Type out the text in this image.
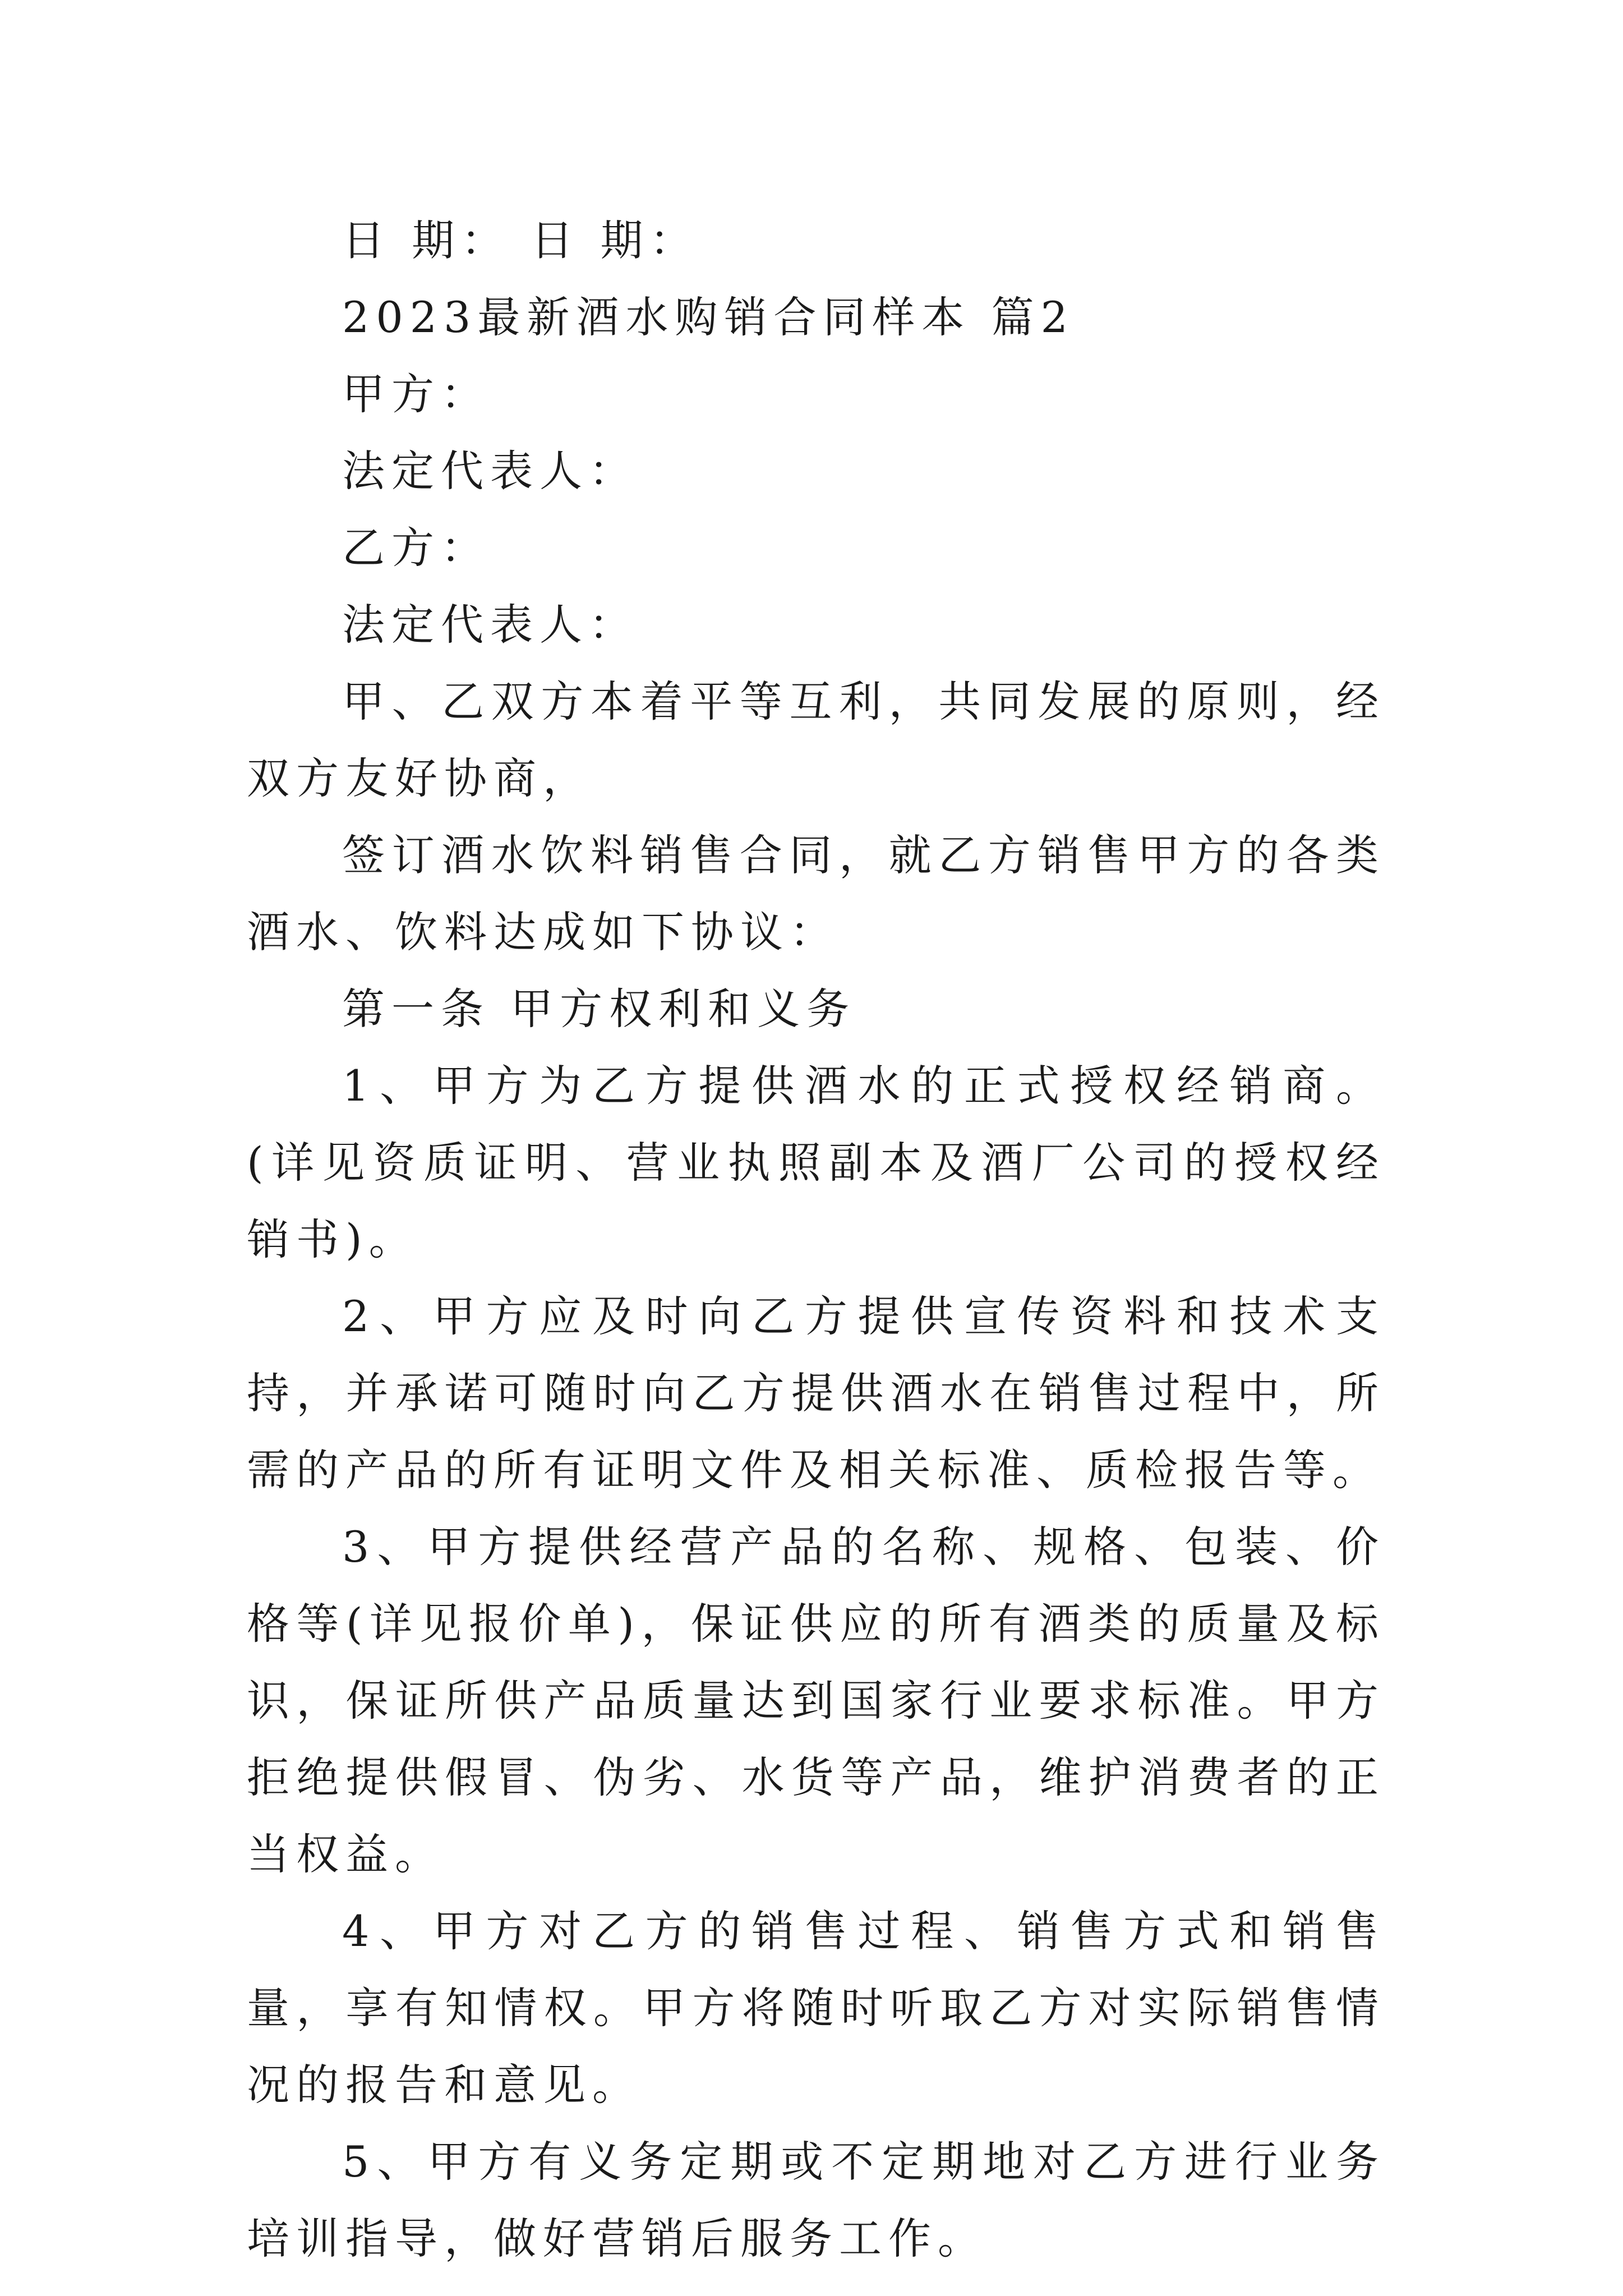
日 期： 日 期：

2023最新酒水购销合同样本 篇2

甲方：

法定代表人：

乙方：

法定代表人：

甲、乙双方本着平等互利，共同发展的原则，经双方友好协商，

签订酒水饮料销售合同，就乙方销售甲方的各类酒水、饮料达成如下协议：

第一条 甲方权利和义务

1、甲方为乙方提供酒水的正式授权经销商。(详见资质证明、营业执照副本及酒厂公司的授权经销书)。

2、甲方应及时向乙方提供宣传资料和技术支持，并承诺可随时向乙方提供酒水在销售过程中，所需的产品的所有证明文件及相关标准、质检报告等。

3、甲方提供经营产品的名称、规格、包装、价格等(详见报价单)，保证供应的所有酒类的质量及标识，保证所供产品质量达到国家行业要求标准。甲方拒绝提供假冒、伪劣、水货等产品，维护消费者的正当权益。

4、甲方对乙方的销售过程、销售方式和销售量，享有知情权。甲方将随时听取乙方对实际销售情况的报告和意见。

5、甲方有义务定期或不定期地对乙方进行业务培训指导，做好营销后服务工作。
